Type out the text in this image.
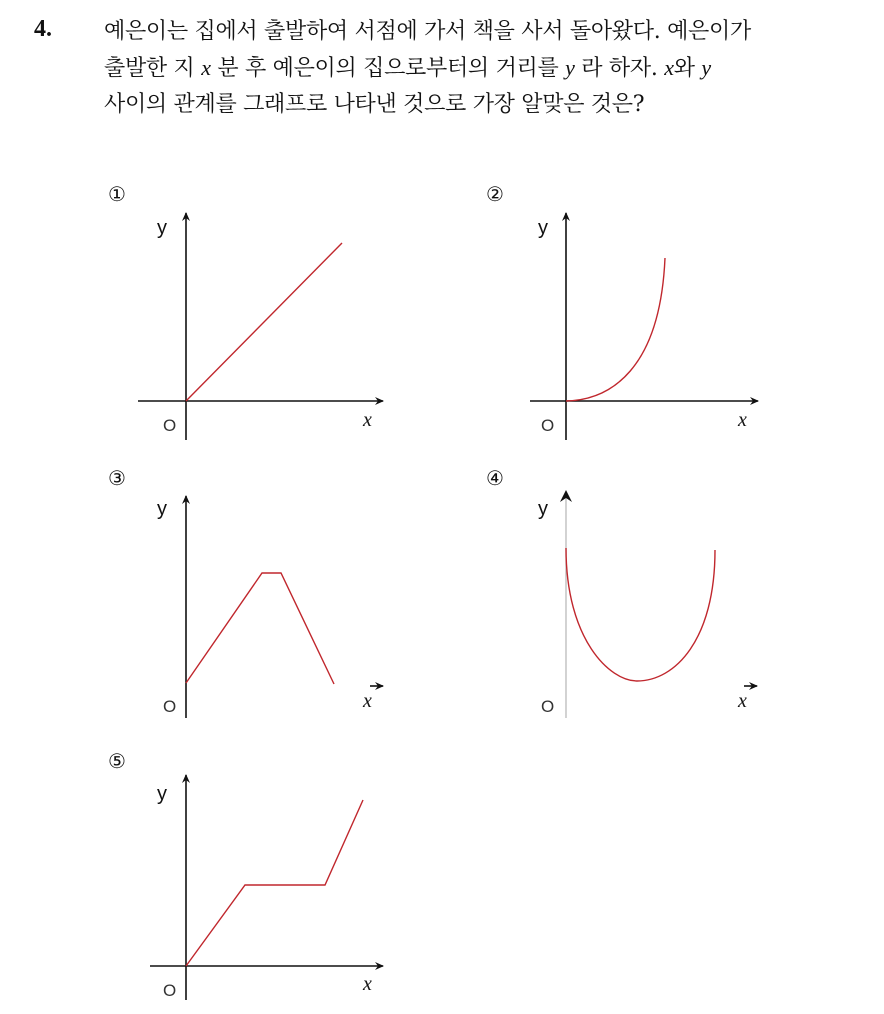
4. 예은이는 집에서 출발하여 서점에 가서 책을 사서 돌아왔다. 예은이가
출발한 지 x 분 후 예은이의 집으로부터의 거리를 y 라 하자. x와 y
사이의 관계를 그래프로 나타낸 것으로 가장 알맞은 것은?
①
y
x
O
②
y
x
O
③
y
x
O
④
y
x
O
⑤
y
x
O
